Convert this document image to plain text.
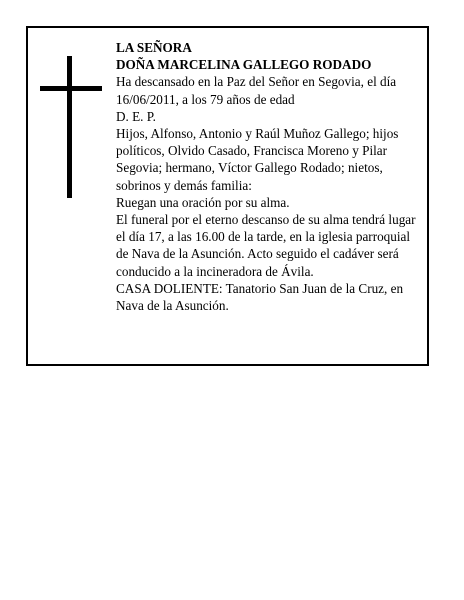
LA SEÑORA

DOÑA MARCELINA GALLEGO RODADO

Ha descansado en la Paz del Señor en Segovia, el día 16/06/2011, a los 79 años de edad

D. E. P.

Hijos, Alfonso, Antonio y Raúl Muñoz Gallego; hijos políticos, Olvido Casado, Francisca Moreno y Pilar Segovia; hermano, Víctor Gallego Rodado; nietos, sobrinos y demás familia:

Ruegan una oración por su alma.

El funeral por el eterno descanso de su alma tendrá lugar el día 17, a las 16.00 de la tarde, en la iglesia parroquial de Nava de la Asunción. Acto seguido el cadáver será conducido a la incineradora de Ávila.

CASA DOLIENTE: Tanatorio San Juan de la Cruz, en Nava de la Asunción.
